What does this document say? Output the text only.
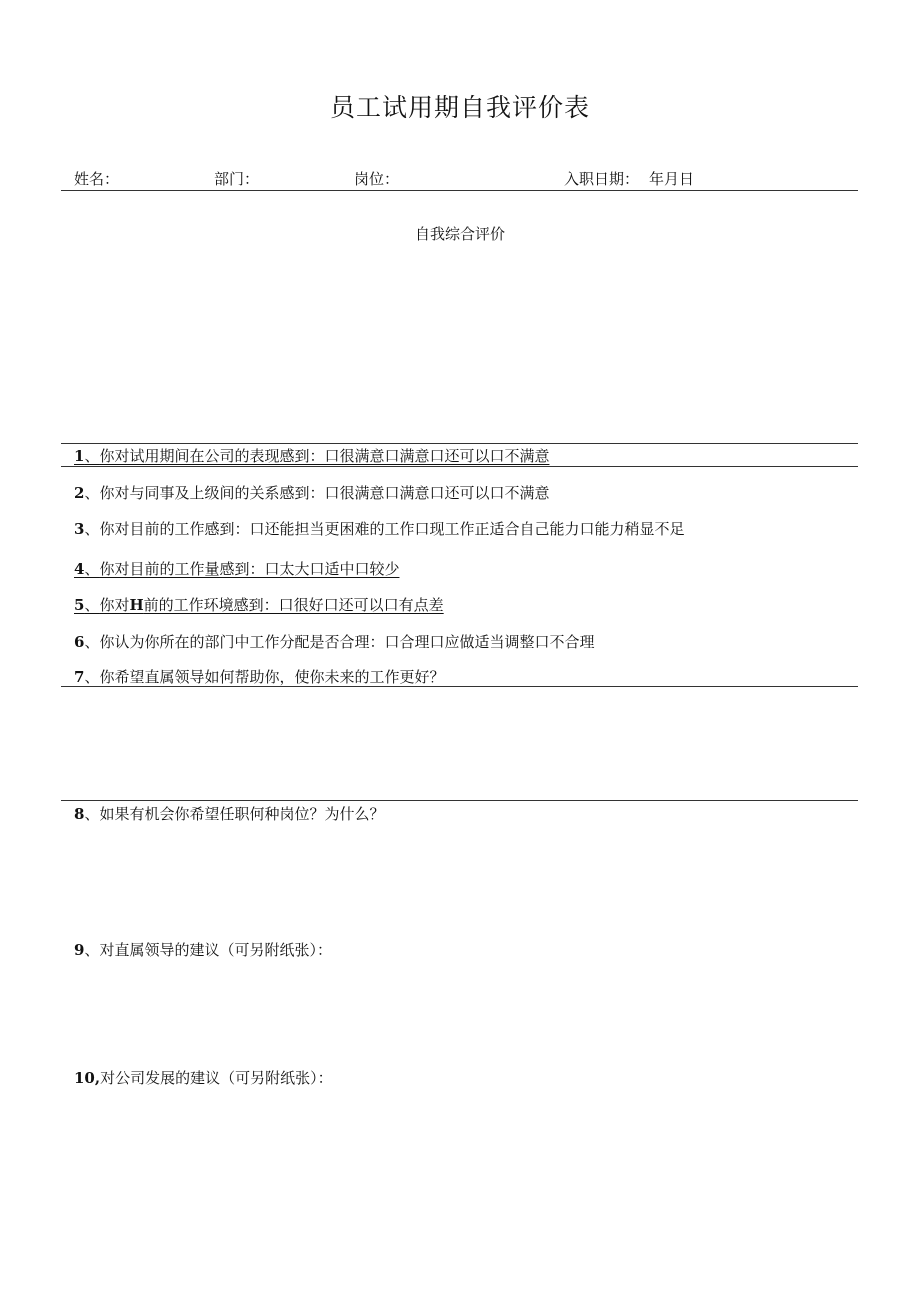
员工试用期自我评价表
姓名：	部门：	岗位：	入职日期： 年月日
自我综合评价
1、你对试用期间在公司的表现感到：口很满意口满意口还可以口不满意
2、你对与同事及上级间的关系感到：口很满意口满意口还可以口不满意
3、你对目前的工作感到：口还能担当更困难的工作口现工作正适合自己能力口能力稍显不足
4、你对目前的工作量感到：口太大口适中口较少
5、你对H前的工作环境感到：口很好口还可以口有点差
6、你认为你所在的部门中工作分配是否合理：口合理口应做适当调整口不合理
7、你希望直属领导如何帮助你，使你未来的工作更好？
8、如果有机会你希望任职何种岗位？为什么？
9、对直属领导的建议（可另附纸张）：
10,对公司发展的建议（可另附纸张）：
